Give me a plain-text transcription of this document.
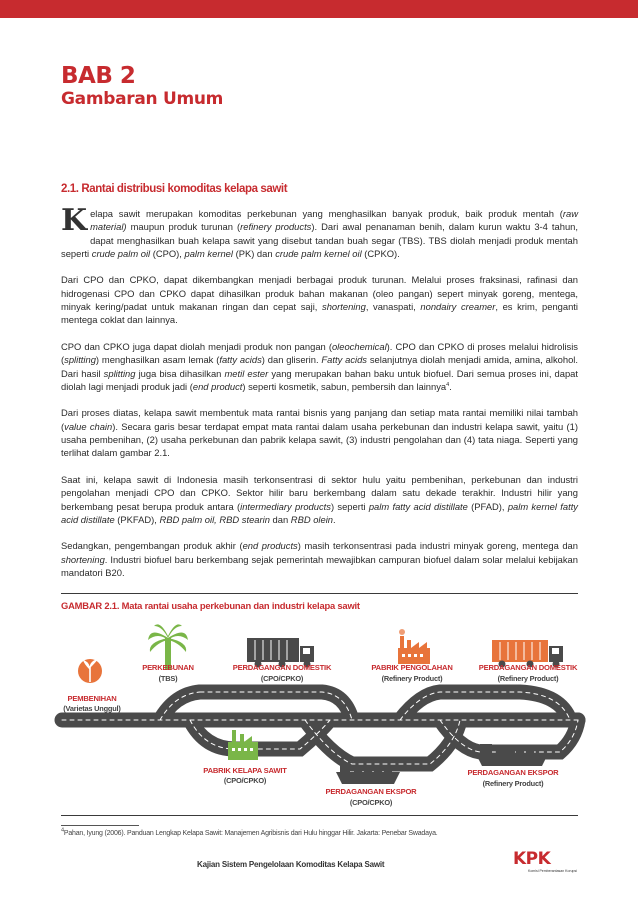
BAB 2
Gambaran Umum
2.1. Rantai distribusi komoditas kelapa sawit

Kelapa sawit merupakan komoditas perkebunan yang menghasilkan banyak produk, baik produk mentah (raw material) maupun produk turunan (refinery products). Dari awal penanaman benih, dalam kurun waktu 3-4 tahun, dapat menghasilkan buah kelapa sawit yang disebut tandan buah segar (TBS). TBS diolah menjadi produk mentah seperti crude palm oil (CPO), palm kernel (PK) dan crude palm kernel oil (CPKO).

Dari CPO dan CPKO, dapat dikembangkan menjadi berbagai produk turunan. Melalui proses fraksinasi, rafinasi dan hidrogenasi CPO dan CPKO dapat dihasilkan produk bahan makanan (oleo pangan) sepert minyak goreng, mentega, minyak kering/padat untuk makanan ringan dan cepat saji, shortening, vanaspati, nondairy creamer, es krim, penganti mentega coklat dan lainnya.

CPO dan CPKO juga dapat diolah menjadi produk non pangan (oleochemical). CPO dan CPKO di proses melalui hidrolisis (splitting) menghasilkan asam lemak (fatty acids) dan gliserin. Fatty acids selanjutnya diolah menjadi amida, amina, alkohol. Dari hasil splitting juga bisa dihasilkan metil ester yang merupakan bahan baku untuk biofuel. Dari semua proses ini, dapat diolah lagi menjadi produk jadi (end product) seperti kosmetik, sabun, pembersih dan lainnya$^4$.

Dari proses diatas, kelapa sawit membentuk mata rantai bisnis yang panjang dan setiap mata rantai memiliki nilai tambah (value chain). Secara garis besar terdapat empat mata rantai dalam usaha perkebunan dan industri kelapa sawit, yaitu (1) usaha pembenihan, (2) usaha perkebunan dan pabrik kelapa sawit, (3) industri pengolahan dan (4) tata niaga. Seperti yang terlihat dalam gambar 2.1.

Saat ini, kelapa sawit di Indonesia masih terkonsentrasi di sektor hulu yaitu pembenihan, perkebunan dan industri pengolahan menjadi CPO dan CPKO. Sektor hilir baru berkembang dalam satu dekade terakhir. Industri hilir yang berkembang pesat berupa produk antara (intermediary products) seperti palm fatty acid distillate (PFAD), palm kernel fatty acid distillate (PKFAD), RBD palm oil, RBD stearin dan RBD olein.

Sedangkan, pengembangan produk akhir (end products) masih terkonsentrasi pada industri minyak goreng, mentega dan shortening. Industri biofuel baru berkembang sejak pemerintah mewajibkan campuran biofuel dalam solar melalui kebijakan mandatori B20.

GAMBAR 2.1. Mata rantai usaha perkebunan dan industri kelapa sawit
PEMBENIHAN
(Varietas Unggul)
PERKEBUNAN
(TBS)
PERDAGANGAN DOMESTIK
(CPO/CPKO)
PABRIK PENGOLAHAN
(Refinery Product)
PERDAGANGAN DOMESTIK
(Refinery Product)
PABRIK KELAPA SAWIT
(CPO/CPKO)
PERDAGANGAN EKSPOR
(CPO/CPKO)
PERDAGANGAN EKSPOR
(Refinery Product)
$^4$Pahan, Iyung (2006). Panduan Lengkap Kelapa Sawit: Manajemen Agribisnis dari Hulu hinggar Hilir. Jakarta: Penebar Swadaya.
Kajian Sistem Pengelolaan Komoditas Kelapa Sawit	KPK
Komisi Pemberantasan Korupsi
